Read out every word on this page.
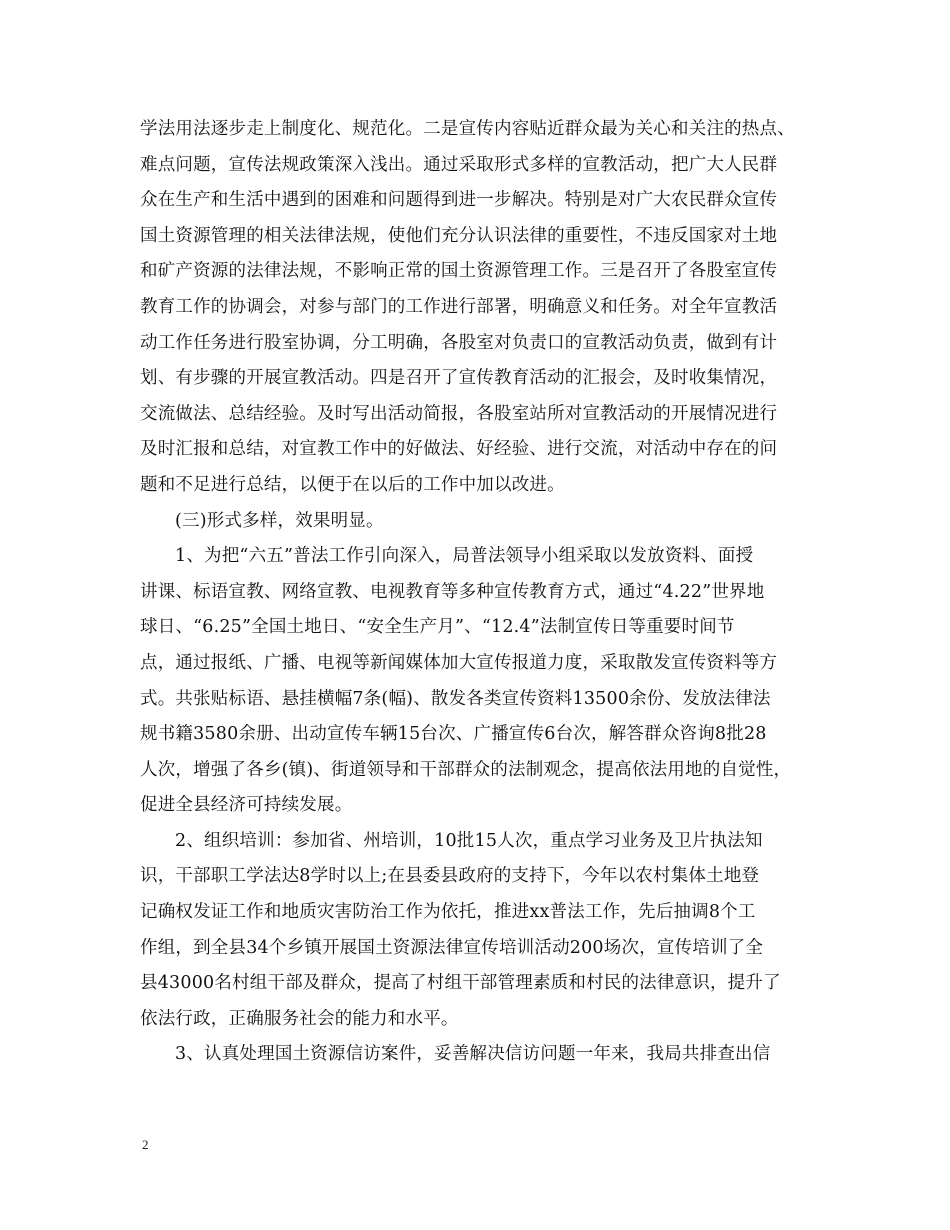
学法用法逐步走上制度化、规范化。二是宣传内容贴近群众最为关心和关注的热点、
难点问题，宣传法规政策深入浅出。通过采取形式多样的宣教活动，把广大人民群
众在生产和生活中遇到的困难和问题得到进一步解决。特别是对广大农民群众宣传
国土资源管理的相关法律法规，使他们充分认识法律的重要性，不违反国家对土地
和矿产资源的法律法规，不影响正常的国土资源管理工作。三是召开了各股室宣传
教育工作的协调会，对参与部门的工作进行部署，明确意义和任务。对全年宣教活
动工作任务进行股室协调，分工明确，各股室对负责口的宣教活动负责，做到有计
划、有步骤的开展宣教活动。四是召开了宣传教育活动的汇报会，及时收集情况，
交流做法、总结经验。及时写出活动简报，各股室站所对宣教活动的开展情况进行
及时汇报和总结，对宣教工作中的好做法、好经验、进行交流，对活动中存在的问
题和不足进行总结，以便于在以后的工作中加以改进。
(三)形式多样，效果明显。
1、为把“六五”普法工作引向深入，局普法领导小组采取以发放资料、面授
讲课、标语宣教、网络宣教、电视教育等多种宣传教育方式，通过“4.22”世界地
球日、“6.25”全国土地日、“安全生产月”、“12.4”法制宣传日等重要时间节
点，通过报纸、广播、电视等新闻媒体加大宣传报道力度，采取散发宣传资料等方
式。共张贴标语、悬挂横幅7条(幅)、散发各类宣传资料13500余份、发放法律法
规书籍3580余册、出动宣传车辆15台次、广播宣传6台次，解答群众咨询8批28
人次，增强了各乡(镇)、街道领导和干部群众的法制观念，提高依法用地的自觉性，
促进全县经济可持续发展。
2、组织培训：参加省、州培训，10批15人次，重点学习业务及卫片执法知
识，干部职工学法达8学时以上;在县委县政府的支持下，今年以农村集体土地登
记确权发证工作和地质灾害防治工作为依托，推进xx普法工作，先后抽调8个工
作组，到全县34个乡镇开展国土资源法律宣传培训活动200场次，宣传培训了全
县43000名村组干部及群众，提高了村组干部管理素质和村民的法律意识，提升了
依法行政，正确服务社会的能力和水平。
3、认真处理国土资源信访案件，妥善解决信访问题一年来，我局共排查出信
2
